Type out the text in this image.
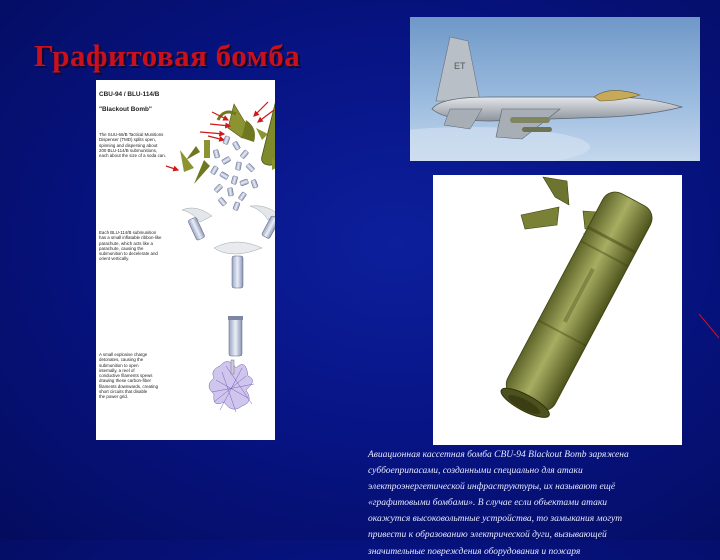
Графитовая бомба

CBU-94 / BLU-114/B

"Blackout Bomb"

The SUU-66/B Tactical Munitions
Dispenser (TMD) splits open,
spinning and dispersing about
200 BLU-114/B submunitions,
each about the size of a soda can.
Each BLU-114/B submunition
has a small inflatable ribbon-like
parachute, which acts like a
parachute, causing the
submunition to decelerate and
orient vertically.
A small explosive charge
detonates, causing the
submunition to open
internally, a reel of
conductive filaments spews
drawing these carbon-fiber
filaments downwards, creating
short circuits that disable
the power grid.
ET
Авиационная кассетная бомба CBU-94 Blackout Bomb заряжена
суббоеприпасами, созданными специально для атаки
электроэнергетической инфраструктуры, их называют ещё
«графитовыми бомбами». В случае если объектами атаки
окажутся высоковольтные устройства, то замыкания могут
привести к образованию электрической дуги, вызывающей
значительные повреждения оборудования и пожаря
